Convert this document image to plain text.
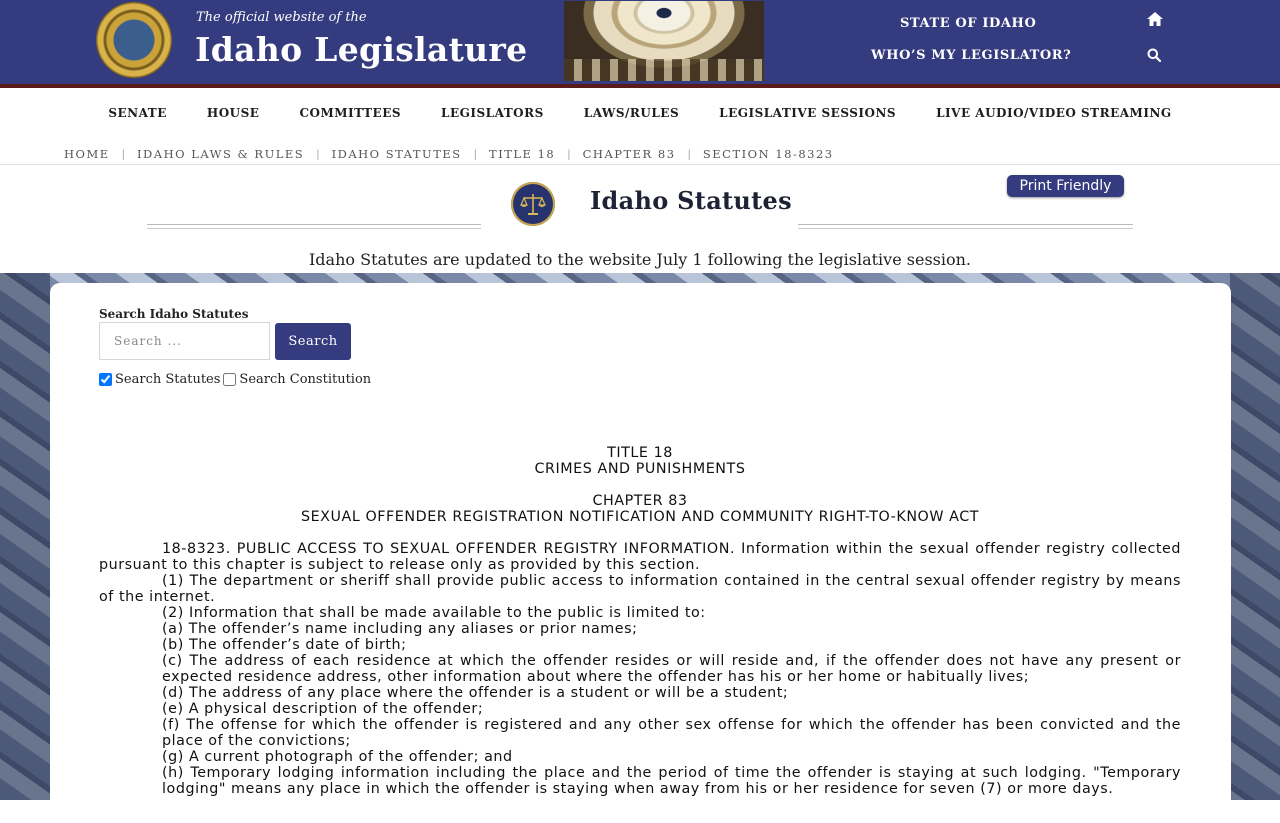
The official website of the
Idaho Legislature
STATE OF IDAHO
WHO’S MY LEGISLATOR?
SENATE	HOUSE	COMMITTEES	LEGISLATORS	LAWS/RULES	LEGISLATIVE SESSIONS	LIVE AUDIO/VIDEO STREAMING
HOME | IDAHO LAWS & RULES | IDAHO STATUTES | TITLE 18 | CHAPTER 83 | SECTION 18-8323
Idaho Statutes	Print Friendly
Idaho Statutes are updated to the website July 1 following the legislative session.
Search Idaho Statutes
Search ...
Search
Search Statutes Search Constitution
TITLE 18
CRIMES AND PUNISHMENTS
CHAPTER 83
SEXUAL OFFENDER REGISTRATION NOTIFICATION AND COMMUNITY RIGHT-TO-KNOW ACT

18-8323. PUBLIC ACCESS TO SEXUAL OFFENDER REGISTRY INFORMATION. Information within the sexual offender registry collected pursuant to this chapter is subject to release only as provided by this section.

(1) The department or sheriff shall provide public access to information contained in the central sexual offender registry by means of the internet.

(2) Information that shall be made available to the public is limited to:

(a) The offender’s name including any aliases or prior names;

(b) The offender’s date of birth;

(c) The address of each residence at which the offender resides or will reside and, if the offender does not have any present or expected residence address, other information about where the offender has his or her home or habitually lives;

(d) The address of any place where the offender is a student or will be a student;

(e) A physical description of the offender;

(f) The offense for which the offender is registered and any other sex offense for which the offender has been convicted and the place of the convictions;

(g) A current photograph of the offender; and

(h) Temporary lodging information including the place and the period of time the offender is staying at such lodging. "Temporary lodging" means any place in which the offender is staying when away from his or her residence for seven (7) or more days.
